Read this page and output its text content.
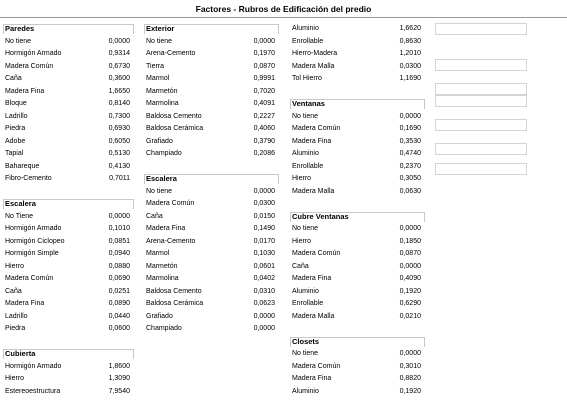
Factores - Rubros de Edificación del predio
Paredes
No tiene	0,0000
Hormigón Armado	0,9314
Madera Común	0,6730
Caña	0,3600
Madera Fina	1,6650
Bloque	0,8140
Ladrillo	0,7300
Piedra	0,6930
Adobe	0,6050
Tapial	0,5130
Bahareque	0,4130
Fibro-Cemento	0,7011
Escalera
No Tiene	0,0000
Hormigón Armado	0,1010
Hormigón Ciclopeo	0,0851
Hormigón Simple	0,0940
Hierro	0,0880
Madera Común	0,0690
Caña	0,0251
Madera Fina	0,0890
Ladrillo	0,0440
Piedra	0,0600
Cubierta
Hormigón Armado	1,8600
Hierro	1,3090
Estereoestructura	7,9540
Exterior
No tiene	0,0000
Arena-Cemento	0,1970
Tierra	0,0870
Marmol	0,9991
Marmetón	0,7020
Marmolina	0,4091
Baldosa Cemento	0,2227
Baldosa Cerámica	0,4060
Grafiado	0,3790
Champiado	0,2086
Escalera
No tiene	0,0000
Madera Común	0,0300
Caña	0,0150
Madera Fina	0,1490
Arena-Cemento	0,0170
Marmol	0,1030
Marmetón	0,0601
Marmolina	0,0402
Baldosa Cemento	0,0310
Baldosa Cerámica	0,0623
Grafiado	0,0000
Champiado	0,0000
Aluminio	1,6620
Enrollable	0,8630
Hierro-Madera	1,2010
Madera Malla	0,0300
Tol Hierro	1,1690
Ventanas
No tiene	0,0000
Madera Común	0,1690
Madera Fina	0,3530
Aluminio	0,4740
Enrollable	0,2370
Hierro	0,3050
Madera Malla	0,0630
Cubre Ventanas
No tiene	0,0000
Hierro	0,1850
Madera Común	0,0870
Caña	0,0000
Madera Fina	0,4090
Aluminio	0,1920
Enrollable	0,6290
Madera Malla	0,0210
Closets
No tiene	0,0000
Madera Común	0,3010
Madera Fina	0,8820
Aluminio	0,1920
